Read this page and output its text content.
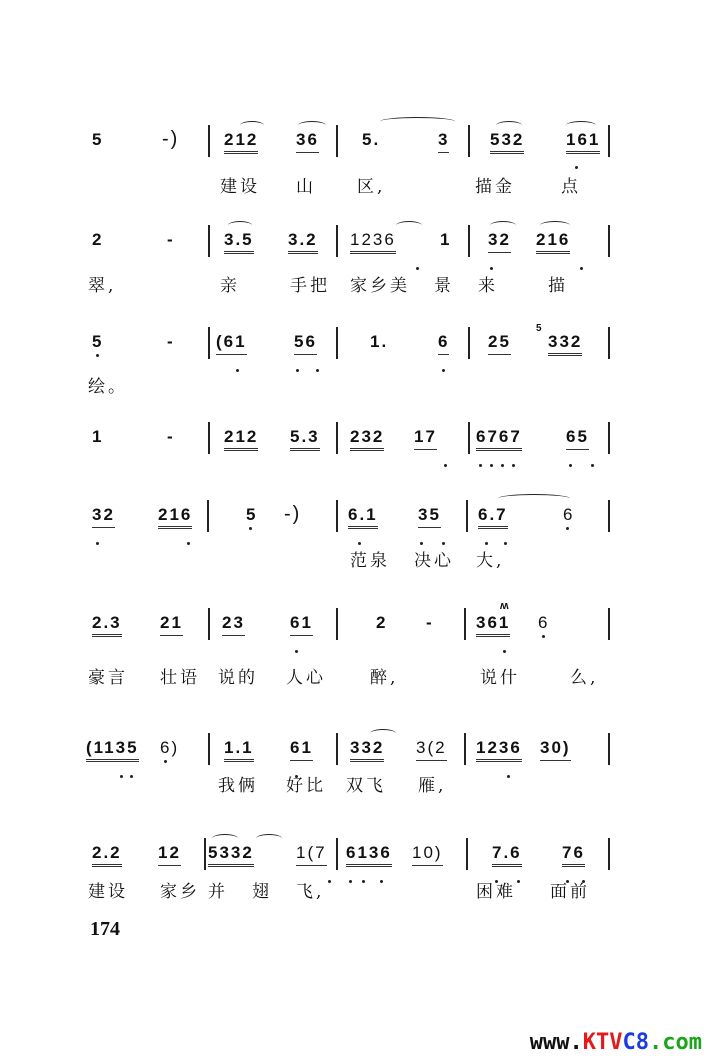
5	-)	212 36	5.	3 532 161
建设 山 区,	描金	点
2	-	3.5 3.2 1236	1 32 216
翠,	亲	手把 家乡美 景 来	描
5	- (61	56	1.	6 25
5
332
绘。
1	-	212 5.3 232 17 6767	65
32	216	5 -)	6.1 35 6.7	6
范泉 决心 大,
2.3 21 23	61	2 -
ʍ
361 6
豪言 壮语 说的 人心	醉,	说什	么,
(1135 6)	1.1 61 332 3(2 1236 30)
我俩 好比 双飞 雁,
2.2 12 5332 1(7 6136 10)	7.6 76
建设 家乡 并 翅 飞,	困难 面前
174
www.KTVC8.com
